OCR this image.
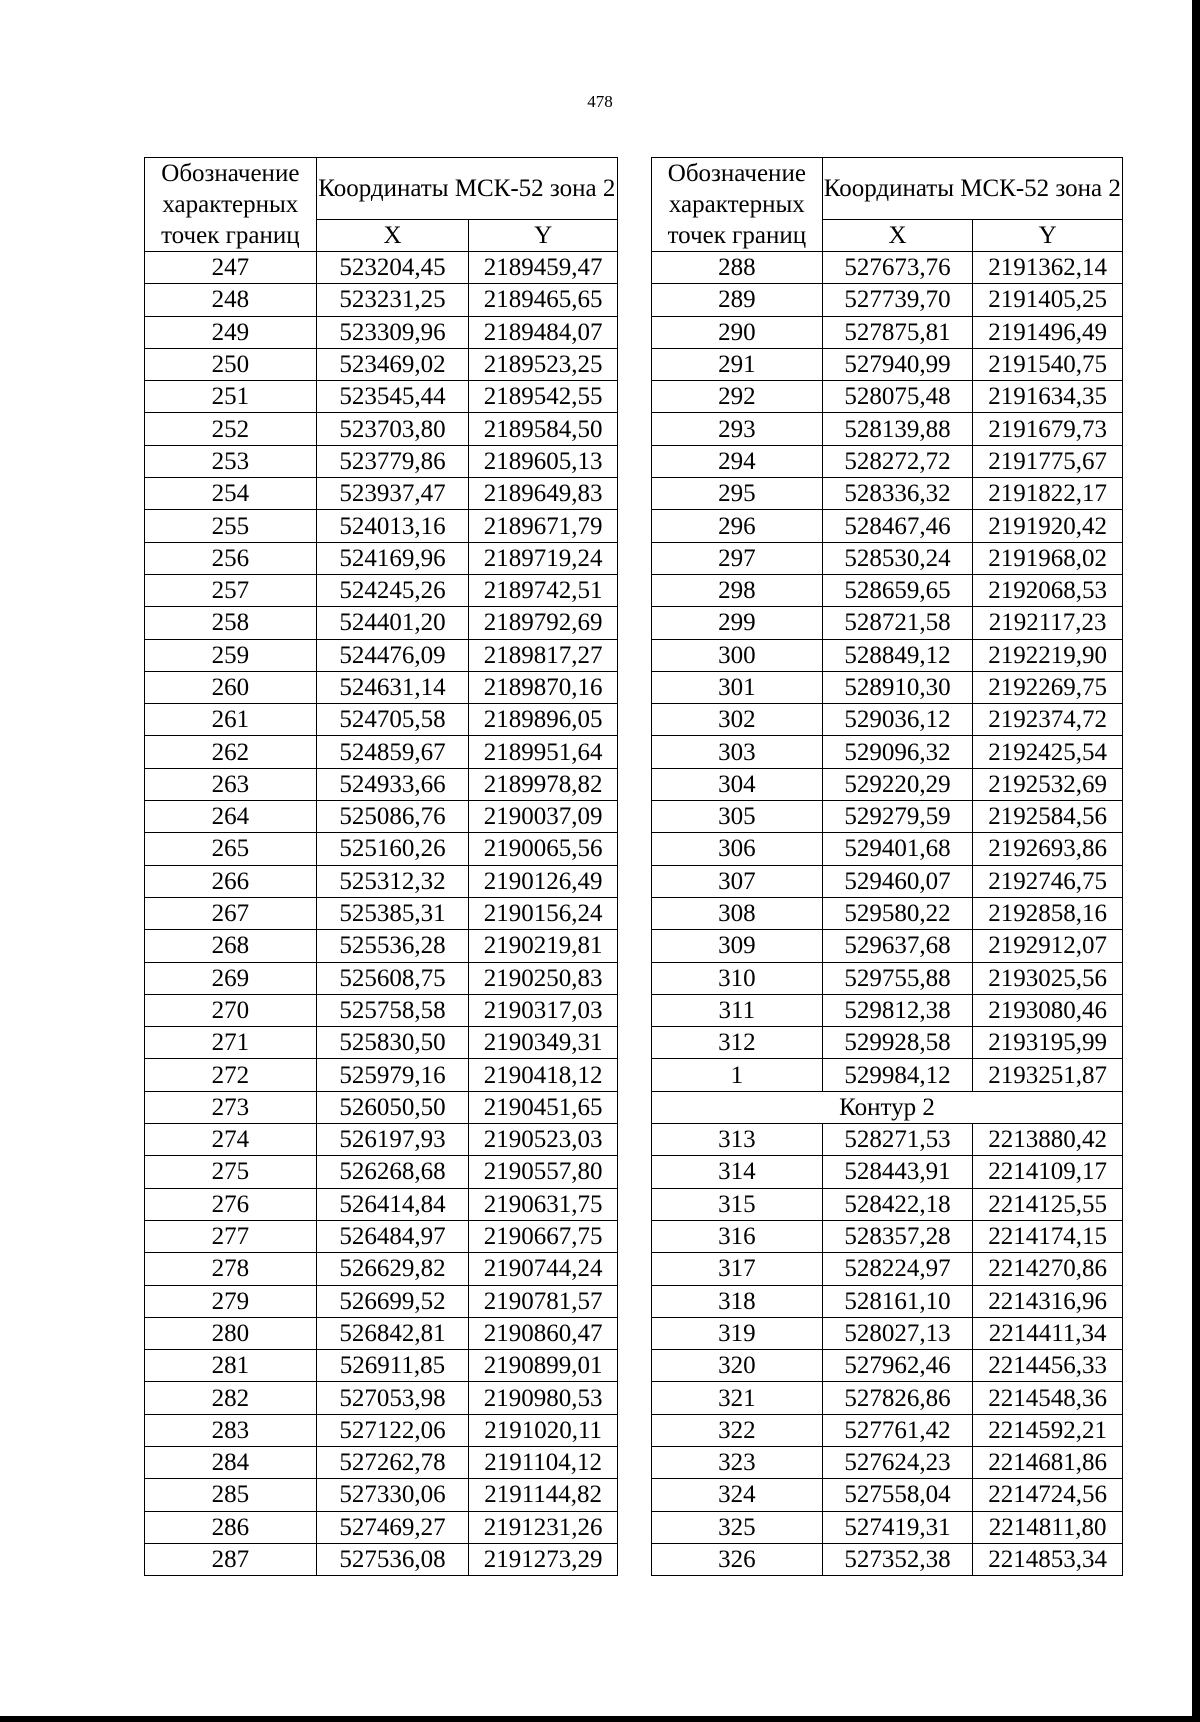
478
Обозначение характерных точек границ	Координаты МСК-52 зона 2	

	X	Y
247	523204,45	2189459,47
248	523231,25	2189465,65
249	523309,96	2189484,07
250	523469,02	2189523,25
251	523545,44	2189542,55
252	523703,80	2189584,50
253	523779,86	2189605,13
254	523937,47	2189649,83
255	524013,16	2189671,79
256	524169,96	2189719,24
257	524245,26	2189742,51
258	524401,20	2189792,69
259	524476,09	2189817,27
260	524631,14	2189870,16
261	524705,58	2189896,05
262	524859,67	2189951,64
263	524933,66	2189978,82
264	525086,76	2190037,09
265	525160,26	2190065,56
266	525312,32	2190126,49
267	525385,31	2190156,24
268	525536,28	2190219,81
269	525608,75	2190250,83
270	525758,58	2190317,03
271	525830,50	2190349,31
272	525979,16	2190418,12
273	526050,50	2190451,65
274	526197,93	2190523,03
275	526268,68	2190557,80
276	526414,84	2190631,75
277	526484,97	2190667,75
278	526629,82	2190744,24
279	526699,52	2190781,57
280	526842,81	2190860,47
281	526911,85	2190899,01
282	527053,98	2190980,53
283	527122,06	2191020,11
284	527262,78	2191104,12
285	527330,06	2191144,82
286	527469,27	2191231,26
287	527536,08	2191273,29
Обозначение характерных точек границ	Координаты МСК-52 зона 2	

	X	Y
288	527673,76	2191362,14
289	527739,70	2191405,25
290	527875,81	2191496,49
291	527940,99	2191540,75
292	528075,48	2191634,35
293	528139,88	2191679,73
294	528272,72	2191775,67
295	528336,32	2191822,17
296	528467,46	2191920,42
297	528530,24	2191968,02
298	528659,65	2192068,53
299	528721,58	2192117,23
300	528849,12	2192219,90
301	528910,30	2192269,75
302	529036,12	2192374,72
303	529096,32	2192425,54
304	529220,29	2192532,69
305	529279,59	2192584,56
306	529401,68	2192693,86
307	529460,07	2192746,75
308	529580,22	2192858,16
309	529637,68	2192912,07
310	529755,88	2193025,56
311	529812,38	2193080,46
312	529928,58	2193195,99
1	529984,12	2193251,87
Контур 2		
313	528271,53	2213880,42
314	528443,91	2214109,17
315	528422,18	2214125,55
316	528357,28	2214174,15
317	528224,97	2214270,86
318	528161,10	2214316,96
319	528027,13	2214411,34
320	527962,46	2214456,33
321	527826,86	2214548,36
322	527761,42	2214592,21
323	527624,23	2214681,86
324	527558,04	2214724,56
325	527419,31	2214811,80
326	527352,38	2214853,34
